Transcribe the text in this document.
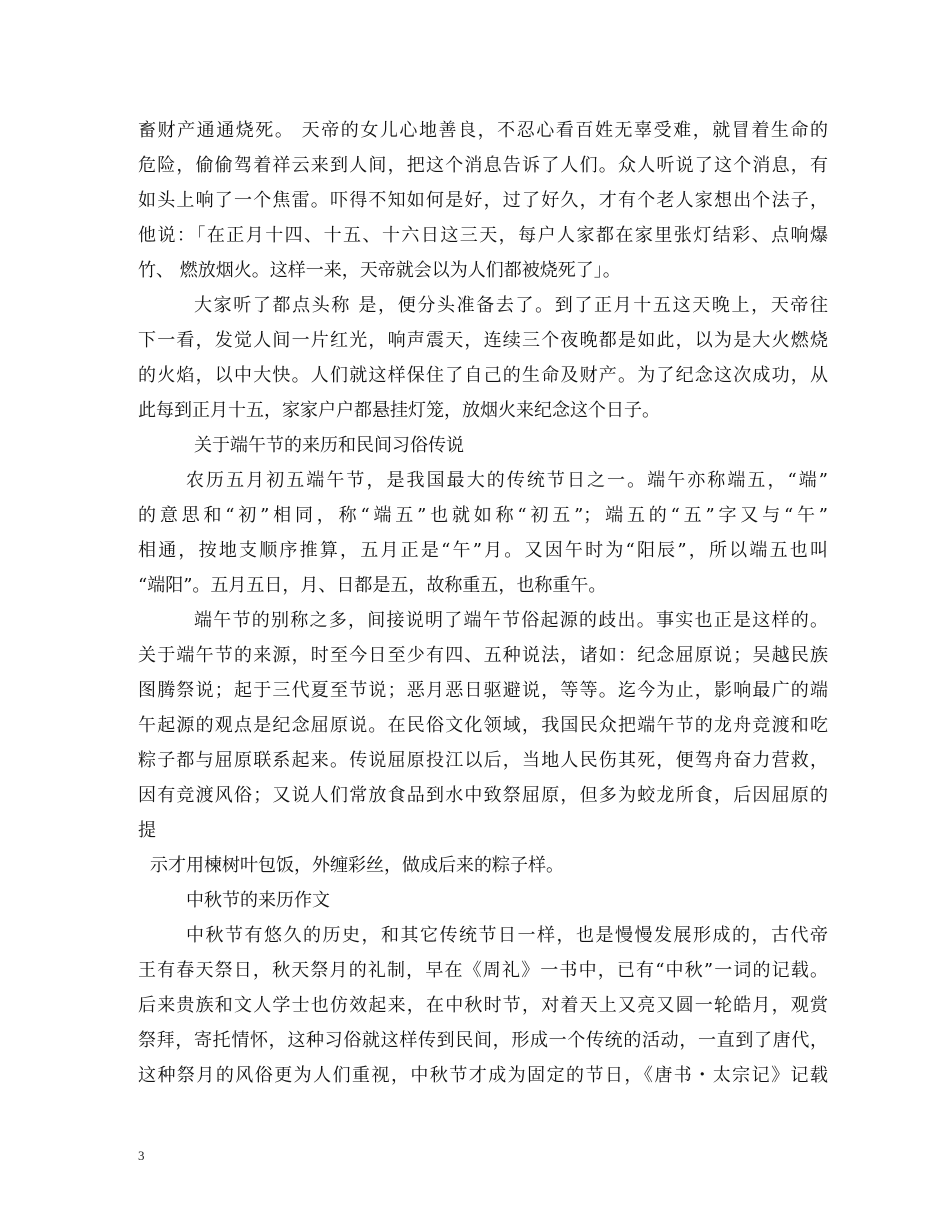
畜财产通通烧死。 天帝的女儿心地善良，不忍心看百姓无辜受难，就冒着生命的
危险，偷偷驾着祥云来到人间，把这个消息告诉了人们。众人听说了这个消息，有
如头上响了一个焦雷。吓得不知如何是好，过了好久，才有个老人家想出个法子，
他说：「在正月十四、十五、十六日这三天，每户人家都在家里张灯结彩、点响爆
竹、 燃放烟火。这样一来，天帝就会以为人们都被烧死了」。
大家听了都点头称 是，便分头准备去了。到了正月十五这天晚上，天帝往
下一看，发觉人间一片红光，响声震天，连续三个夜晚都是如此，以为是大火燃烧
的火焰，以中大快。人们就这样保住了自己的生命及财产。为了纪念这次成功，从
此每到正月十五，家家户户都悬挂灯笼，放烟火来纪念这个日子。
关于端午节的来历和民间习俗传说
农历五月初五端午节，是我国最大的传统节日之一。端午亦称端五，“端”
的意思和“初”相同，称“端五”也就如称“初五”；端五的“五”字又与“午”
相通，按地支顺序推算，五月正是“午”月。又因午时为“阳辰”，所以端五也叫
“端阳”。五月五日，月、日都是五，故称重五，也称重午。
端午节的别称之多，间接说明了端午节俗起源的歧出。事实也正是这样的。
关于端午节的来源，时至今日至少有四、五种说法，诸如：纪念屈原说；吴越民族
图腾祭说；起于三代夏至节说；恶月恶日驱避说，等等。迄今为止，影响最广的端
午起源的观点是纪念屈原说。在民俗文化领域，我国民众把端午节的龙舟竞渡和吃
粽子都与屈原联系起来。传说屈原投江以后，当地人民伤其死，便驾舟奋力营救，
因有竞渡风俗；又说人们常放食品到水中致祭屈原，但多为蛟龙所食，后因屈原的
提
示才用楝树叶包饭，外缠彩丝，做成后来的粽子样。
中秋节的来历作文
中秋节有悠久的历史，和其它传统节日一样，也是慢慢发展形成的，古代帝
王有春天祭日，秋天祭月的礼制，早在《周礼》一书中，已有“中秋”一词的记载。
后来贵族和文人学士也仿效起来，在中秋时节，对着天上又亮又圆一轮皓月，观赏
祭拜，寄托情怀，这种习俗就这样传到民间，形成一个传统的活动，一直到了唐代，
这种祭月的风俗更为人们重视，中秋节才成为固定的节日，《唐书・太宗记》记载
3
